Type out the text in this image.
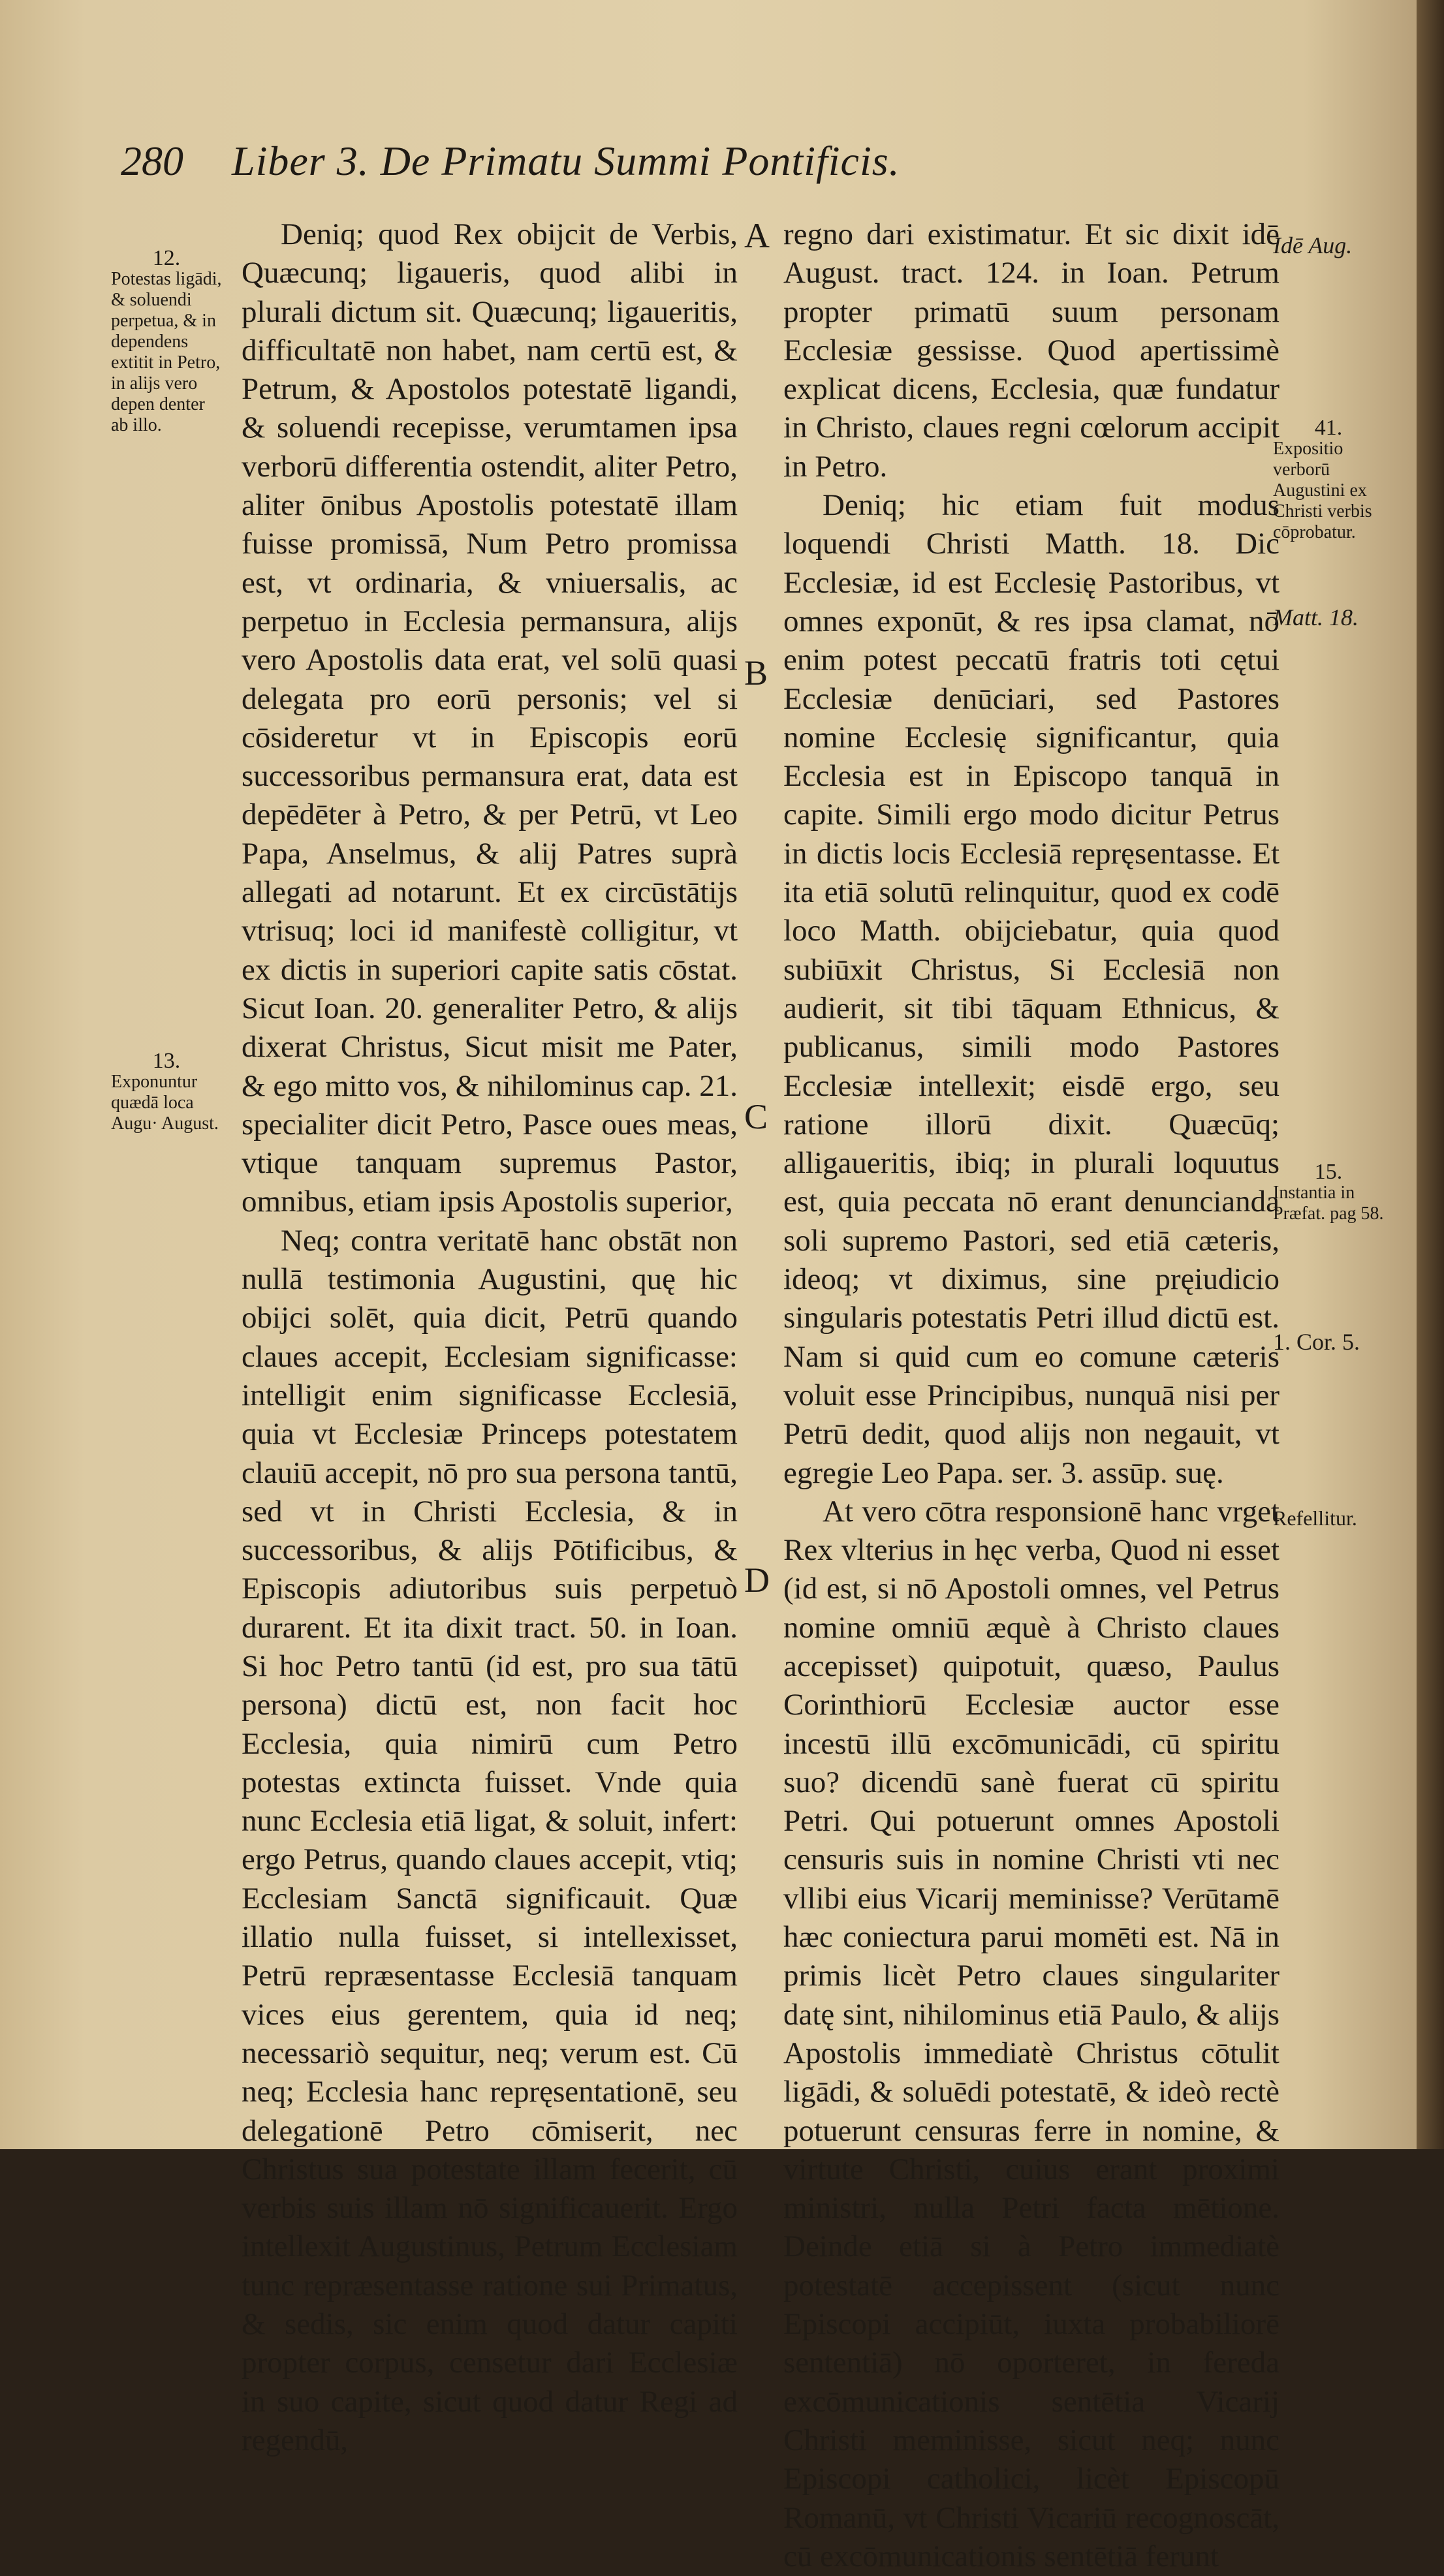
280 Liber 3. De Primatu Summi Pontificis.

Deniq; quod Rex obijcit de Verbis, Quæcunq; ligaueris, quod alibi in plurali dictum sit. Quæcunq; ligaueritis, difficultatē non habet, nam certū est, & Petrum, & Apostolos potestatē ligandi, & soluendi recepisse, verumtamen ipsa verborū differentia ostendit, aliter Petro, aliter ōnibus Apostolis potestatē illam fuisse promissā, Num Petro promissa est, vt ordinaria, & vniuersalis, ac perpetuo in Ecclesia permansura, alijs vero Apostolis data erat, vel solū quasi delegata pro eorū personis; vel si cōsideretur vt in Episcopis eorū successoribus permansura erat, data est depēdēter à Petro, & per Petrū, vt Leo Papa, Anselmus, & alij Patres suprà allegati ad notarunt. Et ex circūstātijs vtrisuq; loci id manifestè colligitur, vt ex dictis in superiori capite satis cōstat. Sicut Ioan. 20. generaliter Petro, & alijs dixerat Christus, Sicut misit me Pater, & ego mitto vos, & nihilominus cap. 21. specialiter dicit Petro, Pasce oues meas, vtique tanquam supremus Pastor, omnibus, etiam ipsis Apostolis superior,

Neq; contra veritatē hanc obstāt non nullā testimonia Augustini, quę hic obijci solēt, quia dicit, Petrū quando claues accepit, Ecclesiam significasse: intelligit enim significasse Ecclesiā, quia vt Ecclesiæ Princeps potestatem clauiū accepit, nō pro sua persona tantū, sed vt in Christi Ecclesia, & in successoribus, & alijs Pōtificibus, & Episcopis adiutoribus suis perpetuò durarent. Et ita dixit tract. 50. in Ioan. Si hoc Petro tantū (id est, pro sua tātū persona) dictū est, non facit hoc Ecclesia, quia nimirū cum Petro potestas extincta fuisset. Vnde quia nunc Ecclesia etiā ligat, & soluit, infert: ergo Petrus, quando claues accepit, vtiq; Ecclesiam Sanctā significauit. Quæ illatio nulla fuisset, si intellexisset, Petrū repræsentasse Ecclesiā tanquam vices eius gerentem, quia id neq; necessariò sequitur, neq; verum est. Cū neq; Ecclesia hanc repręsentationē, seu delegationē Petro cōmiserit, nec Christus sua potestate illam fecerit, cū verbis suis illam nō significauerit. Ergo intellexit Augustinus, Petrum Ecclesiam tunc repræsentasse ratione sui Primatus, & sedis, sic enim quod datur capiti propter corpus, censetur dari Ecclesiæ in suo capite, sicut quod datur Regi ad regendū,

regno dari existimatur. Et sic dixit idē August. tract. 124. in Ioan. Petrum propter primatū suum personam Ecclesiæ gessisse. Quod apertissimè explicat dicens, Ecclesia, quæ fundatur in Christo, claues regni cœlorum accipit in Petro.

Deniq; hic etiam fuit modus loquendi Christi Matth. 18. Dic Ecclesiæ, id est Ecclesię Pastoribus, vt omnes exponūt, & res ipsa clamat, nō enim potest peccatū fratris toti cętui Ecclesiæ denūciari, sed Pastores nomine Ecclesię significantur, quia Ecclesia est in Episcopo tanquā in capite. Simili ergo modo dicitur Petrus in dictis locis Ecclesiā repręsentasse. Et ita etiā solutū relinquitur, quod ex codē loco Matth. obijciebatur, quia quod subiūxit Christus, Si Ecclesiā non audierit, sit tibi tāquam Ethnicus, & publicanus, simili modo Pastores Ecclesiæ intellexit; eisdē ergo, seu ratione illorū dixit. Quæcūq; alligaueritis, ibiq; in plurali loquutus est, quia peccata nō erant denuncianda soli supremo Pastori, sed etiā cæteris, ideoq; vt diximus, sine pręiudicio singularis potestatis Petri illud dictū est. Nam si quid cum eo comune cæteris voluit esse Principibus, nunquā nisi per Petrū dedit, quod alijs non negauit, vt egregie Leo Papa. ser. 3. assūp. suę.

At vero cōtra responsionē hanc vrget Rex vlterius in hęc verba, Quod ni esset (id est, si nō Apostoli omnes, vel Petrus nomine omniū æquè à Christo claues accepisset) quipotuit, quæso, Paulus Corinthiorū Ecclesiæ auctor esse incestū illū excōmunicādi, cū spiritu suo? dicendū sanè fuerat cū spiritu Petri. Qui potuerunt omnes Apostoli censuris suis in nomine Christi vti nec vllibi eius Vicarij meminisse? Verūtamē hæc coniectura parui momēti est. Nā in primis licèt Petro claues singulariter datę sint, nihilominus etiā Paulo, & alijs Apostolis immediatè Christus cōtulit ligādi, & soluēdi potestatē, & ideò rectè potuerunt censuras ferre in nomine, & virtute Christi, cuius erant proximi ministri, nulla Petri facta mētione. Deinde etiā si à Petro immediatè potestatē accepissent (sicut nunc Episcopi accipiūt, iuxta probabiliorē sententiā) nō oporteret, in fereda excōmunicationis sentētia Vicarij Christi meminisse, sicut neq; nunc Episcopi catholici, licèt Episcopū Romanū, vt Christi Vicariū recognoscāt, cū excōmunicationis sentētiā ferunt

A
B
C
D
12.
Potestas ligādi, & soluendi perpetua, & in dependens extitit in Petro, in alijs vero depen denter ab illo.
13.
Exponuntur quædā loca Augu· August.
Idē Aug.
41.
Expositio verborū Augustini ex Christi verbis cōprobatur.
Matt. 18.
15.
Instantia in Præfat. pag 58.
1. Cor. 5.
Refellitur.
